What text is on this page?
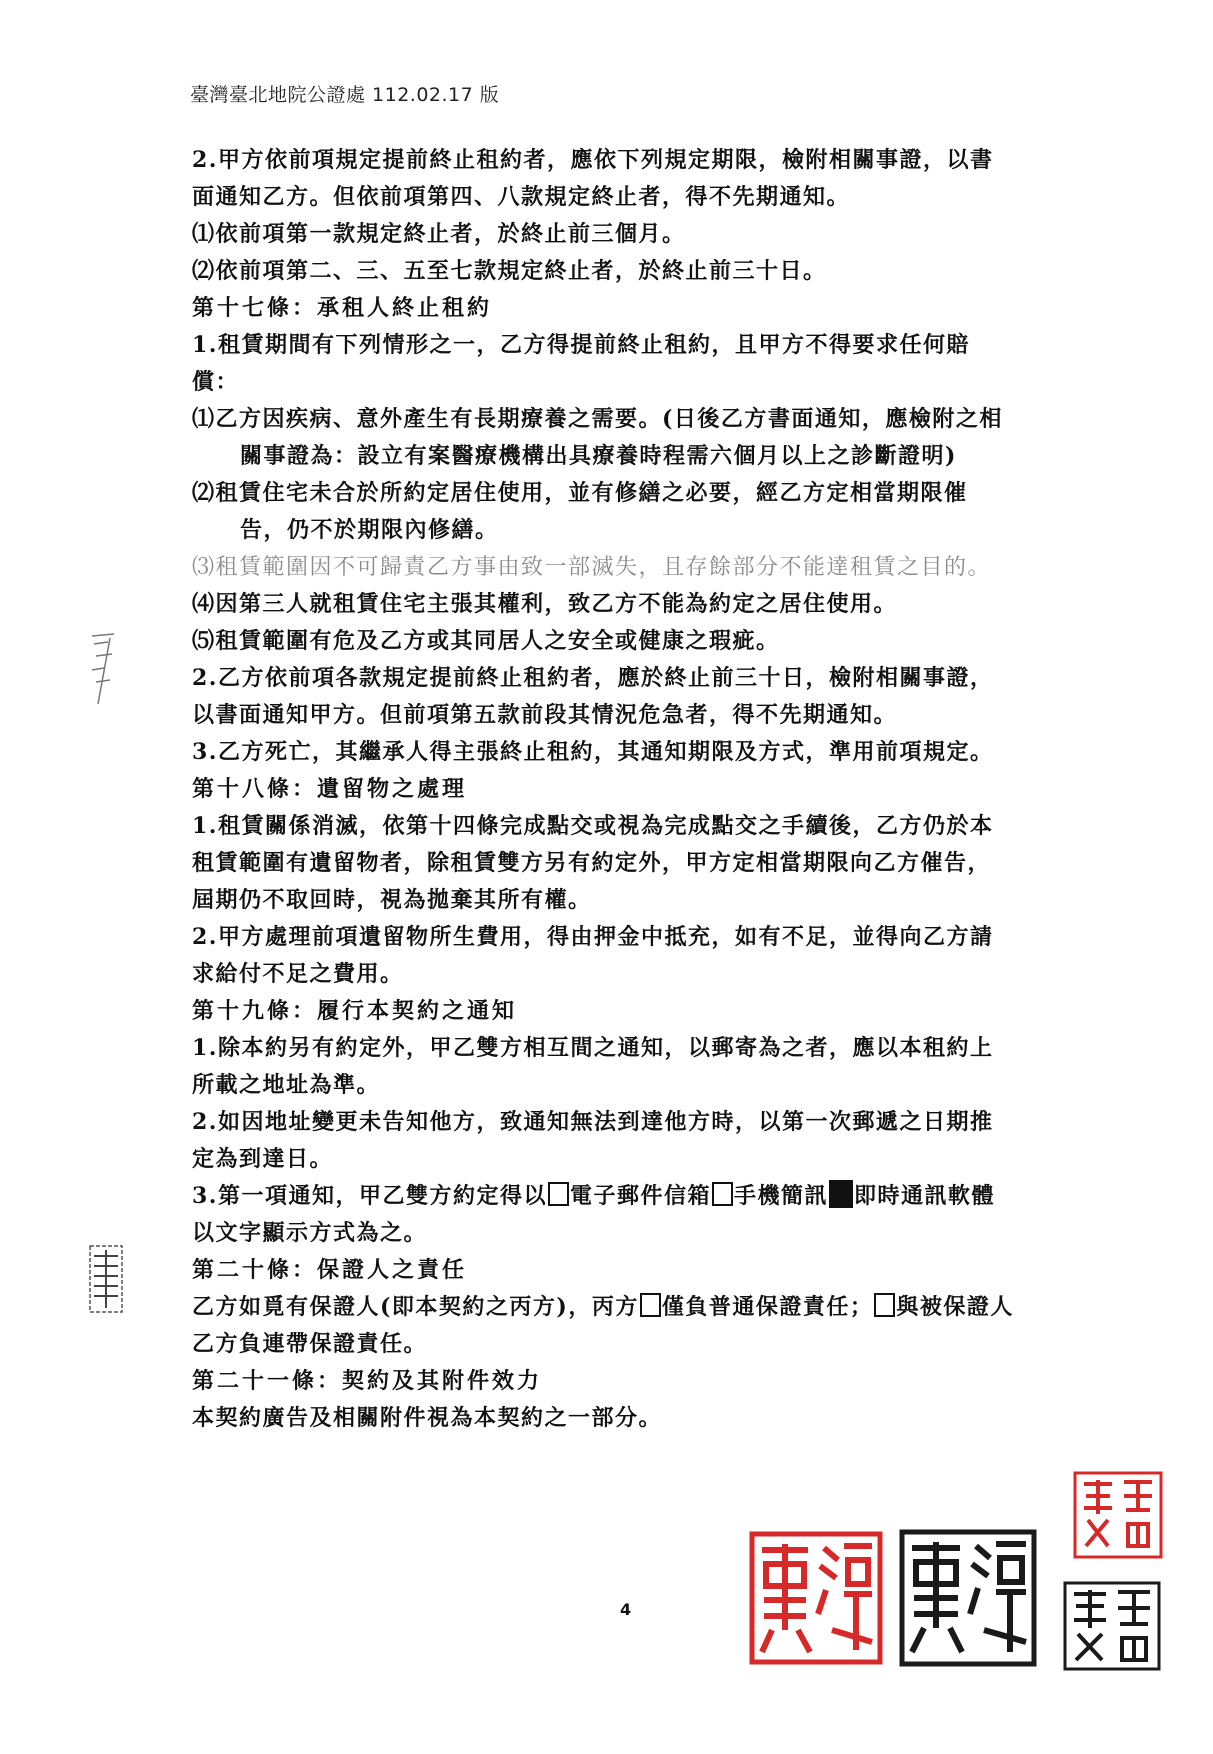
臺灣臺北地院公證處 112.02.17 版
2.甲方依前項規定提前終止租約者，應依下列規定期限，檢附相關事證，以書
面通知乙方。但依前項第四、八款規定終止者，得不先期通知。
⑴依前項第一款規定終止者，於終止前三個月。
⑵依前項第二、三、五至七款規定終止者，於終止前三十日。
第十七條：承租人終止租約
1.租賃期間有下列情形之一，乙方得提前終止租約，且甲方不得要求任何賠
償：
⑴乙方因疾病、意外產生有長期療養之需要。(日後乙方書面通知，應檢附之相
關事證為：設立有案醫療機構出具療養時程需六個月以上之診斷證明)
⑵租賃住宅未合於所約定居住使用，並有修繕之必要，經乙方定相當期限催
告，仍不於期限內修繕。
⑶租賃範圍因不可歸責乙方事由致一部滅失，且存餘部分不能達租賃之目的。
⑷因第三人就租賃住宅主張其權利，致乙方不能為約定之居住使用。
⑸租賃範圍有危及乙方或其同居人之安全或健康之瑕疵。
2.乙方依前項各款規定提前終止租約者，應於終止前三十日，檢附相關事證，
以書面通知甲方。但前項第五款前段其情況危急者，得不先期通知。
3.乙方死亡，其繼承人得主張終止租約，其通知期限及方式，準用前項規定。
第十八條：遺留物之處理
1.租賃關係消滅，依第十四條完成點交或視為完成點交之手續後，乙方仍於本
租賃範圍有遺留物者，除租賃雙方另有約定外，甲方定相當期限向乙方催告，
屆期仍不取回時，視為拋棄其所有權。
2.甲方處理前項遺留物所生費用，得由押金中抵充，如有不足，並得向乙方請
求給付不足之費用。
第十九條：履行本契約之通知
1.除本約另有約定外，甲乙雙方相互間之通知，以郵寄為之者，應以本租約上
所載之地址為準。
2.如因地址變更未告知他方，致通知無法到達他方時，以第一次郵遞之日期推
定為到達日。
3.第一項通知，甲乙雙方約定得以 電子郵件信箱 手機簡訊 即時通訊軟體
以文字顯示方式為之。
第二十條：保證人之責任
乙方如覓有保證人(即本契約之丙方)，丙方 僅負普通保證責任； 與被保證人
乙方負連帶保證責任。
第二十一條：契約及其附件效力
本契約廣告及相關附件視為本契約之一部分。
4
